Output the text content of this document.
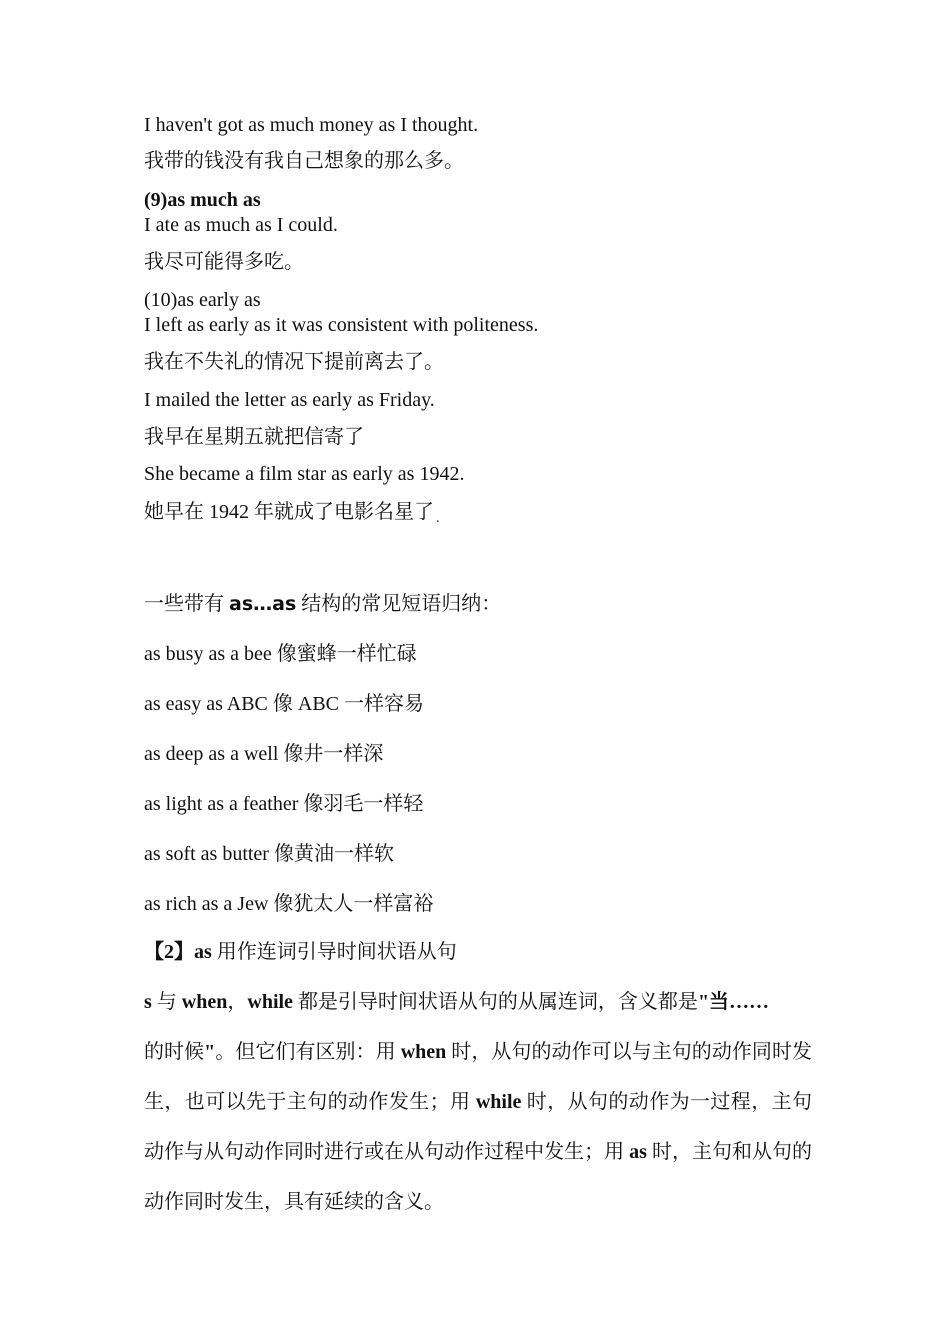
I haven't got as much money as I thought.

我带的钱没有我自己想象的那么多。

(9)as much as

I ate as much as I could.

我尽可能得多吃。

(10)as early as

I left as early as it was consistent with politeness.

我在不失礼的情况下提前离去了。

I mailed the letter as early as Friday.

我早在星期五就把信寄了

She became a film star as early as 1942.

她早在 1942 年就成了电影名星了 $_.$

一些带有 as…as 结构的常见短语归纳：

as busy as a bee 像蜜蜂一样忙碌

as easy as ABC 像 ABC 一样容易

as deep as a well 像井一样深

as light as a feather 像羽毛一样轻

as soft as butter 像黄油一样软

as rich as a Jew 像犹太人一样富裕

【2】as 用作连词引导时间状语从句

s 与 when，while 都是引导时间状语从句的从属连词，含义都是"当……
的时候"。但它们有区别：用 when 时，从句的动作可以与主句的动作同时发生，也可以先于主句的动作发生；用 while 时，从句的动作为一过程，主句动作与从句动作同时进行或在从句动作过程中发生；用 as 时，主句和从句的动作同时发生，具有延续的含义。
